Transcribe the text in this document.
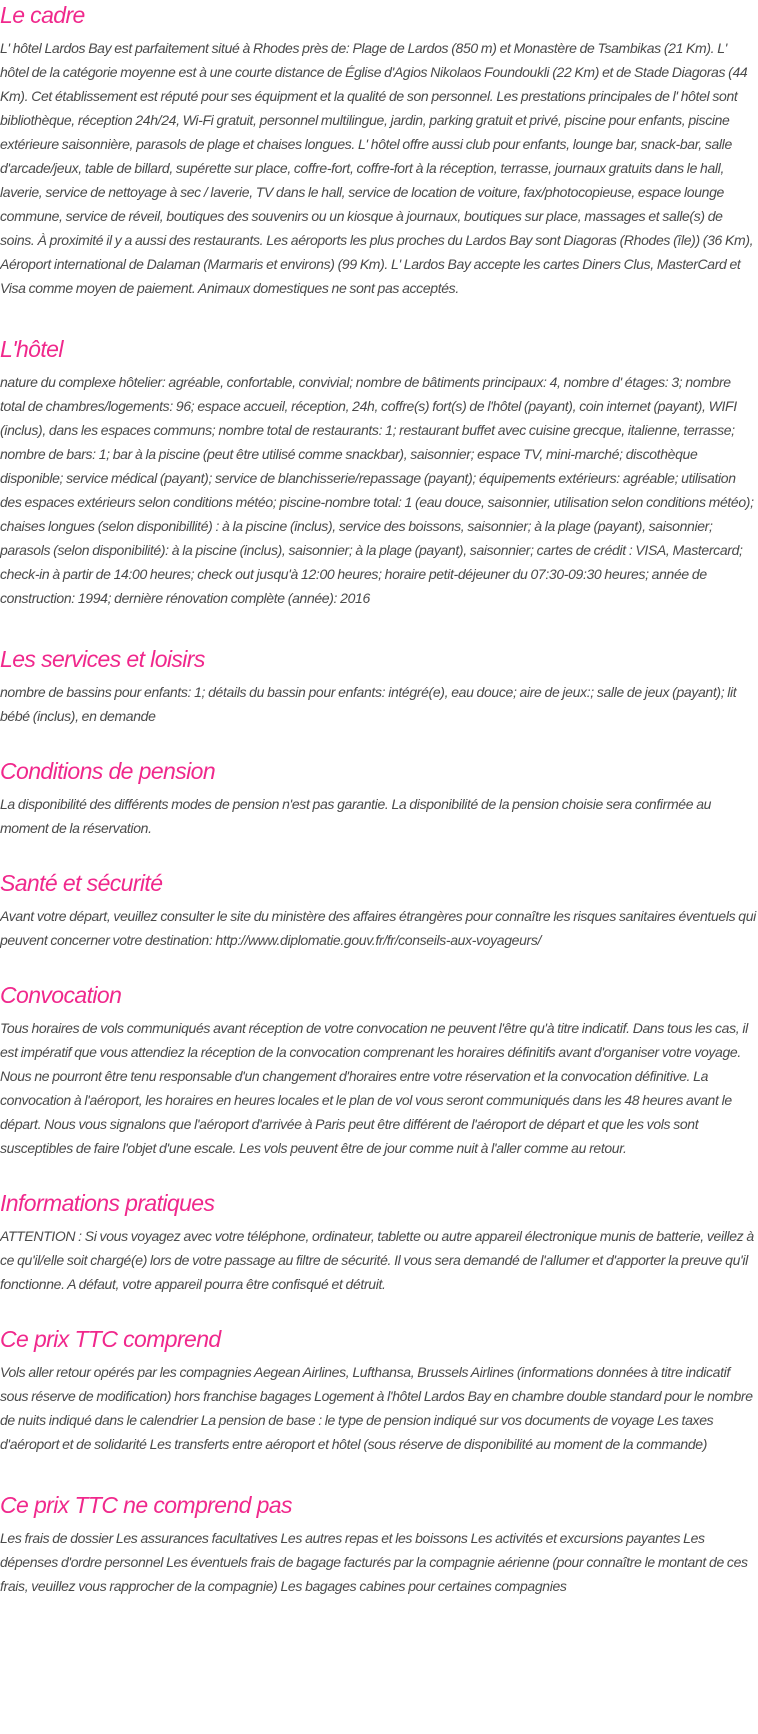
Le cadre

L' hôtel Lardos Bay est parfaitement situé à Rhodes près de: Plage de Lardos (850 m) et Monastère de Tsambikas (21 Km). L' hôtel de la catégorie moyenne est à une courte distance de Église d'Agios Nikolaos Foundoukli (22 Km) et de Stade Diagoras (44 Km). Cet établissement est réputé pour ses équipment et la qualité de son personnel. Les prestations principales de l' hôtel sont bibliothèque, réception 24h/24, Wi-Fi gratuit, personnel multilingue, jardin, parking gratuit et privé, piscine pour enfants, piscine extérieure saisonnière, parasols de plage et chaises longues. L' hôtel offre aussi club pour enfants, lounge bar, snack-bar, salle d'arcade/jeux, table de billard, supérette sur place, coffre-fort, coffre-fort à la réception, terrasse, journaux gratuits dans le hall, laverie, service de nettoyage à sec / laverie, TV dans le hall, service de location de voiture, fax/photocopieuse, espace lounge commune, service de réveil, boutiques des souvenirs ou un kiosque à journaux, boutiques sur place, massages et salle(s) de soins. À proximité il y a aussi des restaurants. Les aéroports les plus proches du Lardos Bay sont Diagoras (Rhodes (île)) (36 Km), Aéroport international de Dalaman (Marmaris et environs) (99 Km). L' Lardos Bay accepte les cartes Diners Clus, MasterCard et Visa comme moyen de paiement. Animaux domestiques ne sont pas acceptés.

L'hôtel

nature du complexe hôtelier: agréable, confortable, convivial; nombre de bâtiments principaux: 4, nombre d' étages: 3; nombre total de chambres/logements: 96; espace accueil, réception, 24h, coffre(s) fort(s) de l'hôtel (payant), coin internet (payant), WIFI (inclus), dans les espaces communs; nombre total de restaurants: 1; restaurant buffet avec cuisine grecque, italienne, terrasse; nombre de bars: 1; bar à la piscine (peut être utilisé comme snackbar), saisonnier; espace TV, mini-marché; discothèque disponible; service médical (payant); service de blanchisserie/repassage (payant); équipements extérieurs: agréable; utilisation des espaces extérieurs selon conditions météo; piscine-nombre total: 1 (eau douce, saisonnier, utilisation selon conditions météo); chaises longues (selon disponibillité) : à la piscine (inclus), service des boissons, saisonnier; à la plage (payant), saisonnier; parasols (selon disponibilité): à la piscine (inclus), saisonnier; à la plage (payant), saisonnier; cartes de crédit : VISA, Mastercard; check-in à partir de 14:00 heures; check out jusqu'à 12:00 heures; horaire petit-déjeuner du 07:30-09:30 heures; année de construction: 1994; dernière rénovation complète (année): 2016

Les services et loisirs

nombre de bassins pour enfants: 1; détails du bassin pour enfants: intégré(e), eau douce; aire de jeux:; salle de jeux (payant); lit bébé (inclus), en demande

Conditions de pension

La disponibilité des différents modes de pension n'est pas garantie. La disponibilité de la pension choisie sera confirmée au moment de la réservation.

Santé et sécurité

Avant votre départ, veuillez consulter le site du ministère des affaires étrangères pour connaître les risques sanitaires éventuels qui peuvent concerner votre destination: http://www.diplomatie.gouv.fr/fr/conseils-aux-voyageurs/

Convocation

Tous horaires de vols communiqués avant réception de votre convocation ne peuvent l'être qu'à titre indicatif. Dans tous les cas, il est impératif que vous attendiez la réception de la convocation comprenant les horaires définitifs avant d'organiser votre voyage. Nous ne pourront être tenu responsable d'un changement d'horaires entre votre réservation et la convocation définitive. La convocation à l'aéroport, les horaires en heures locales et le plan de vol vous seront communiqués dans les 48 heures avant le départ. Nous vous signalons que l'aéroport d'arrivée à Paris peut être différent de l'aéroport de départ et que les vols sont susceptibles de faire l'objet d'une escale. Les vols peuvent être de jour comme nuit à l'aller comme au retour.

Informations pratiques

ATTENTION : Si vous voyagez avec votre téléphone, ordinateur, tablette ou autre appareil électronique munis de batterie, veillez à ce qu'il/elle soit chargé(e) lors de votre passage au filtre de sécurité. Il vous sera demandé de l'allumer et d'apporter la preuve qu'il fonctionne. A défaut, votre appareil pourra être confisqué et détruit.

Ce prix TTC comprend

Vols aller retour opérés par les compagnies Aegean Airlines, Lufthansa, Brussels Airlines (informations données à titre indicatif sous réserve de modification) hors franchise bagages Logement à l'hôtel Lardos Bay en chambre double standard pour le nombre de nuits indiqué dans le calendrier La pension de base : le type de pension indiqué sur vos documents de voyage Les taxes d'aéroport et de solidarité Les transferts entre aéroport et hôtel (sous réserve de disponibilité au moment de la commande)

Ce prix TTC ne comprend pas

Les frais de dossier Les assurances facultatives Les autres repas et les boissons Les activités et excursions payantes Les dépenses d'ordre personnel Les éventuels frais de bagage facturés par la compagnie aérienne (pour connaître le montant de ces frais, veuillez vous rapprocher de la compagnie) Les bagages cabines pour certaines compagnies
